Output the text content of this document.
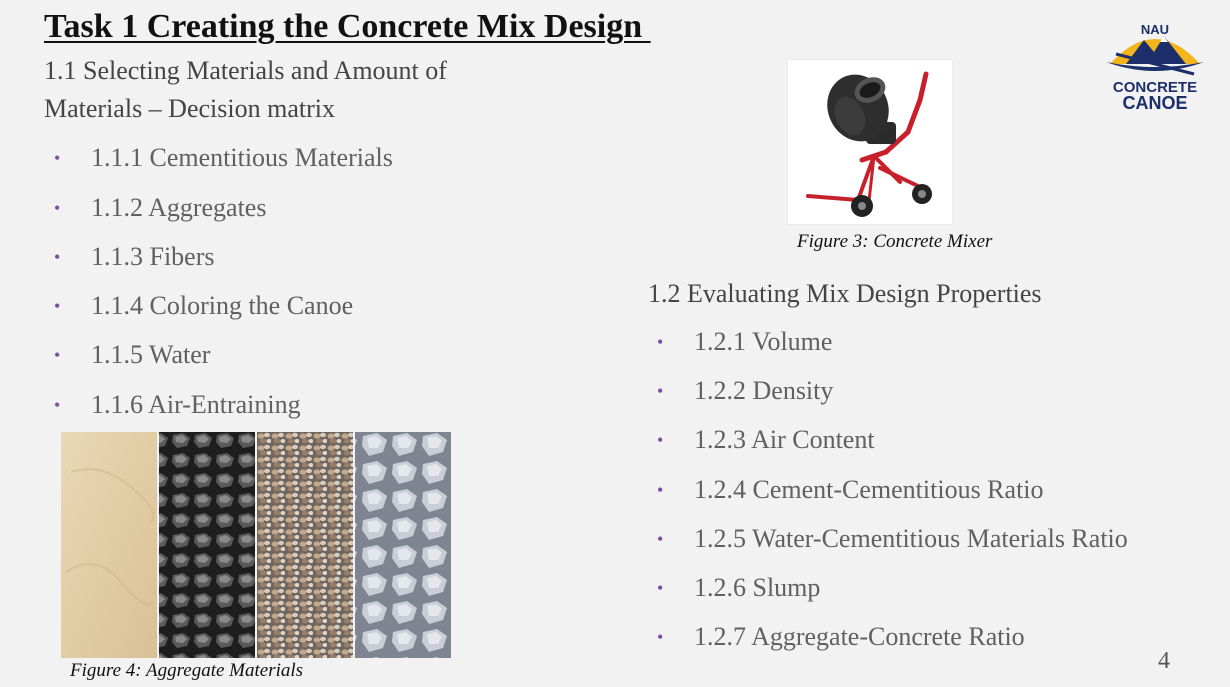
Task 1 Creating the Concrete Mix Design
1.1 Selecting Materials and Amount of
Materials – Decision matrix
• 1.1.1 Cementitious Materials
• 1.1.2 Aggregates
• 1.1.3 Fibers
• 1.1.4 Coloring the Canoe
• 1.1.5 Water
• 1.1.6 Air-Entraining
1.2 Evaluating Mix Design Properties
• 1.2.1 Volume
• 1.2.2 Density
• 1.2.3 Air Content
• 1.2.4 Cement-Cementitious Ratio
• 1.2.5 Water-Cementitious Materials Ratio
• 1.2.6 Slump
• 1.2.7 Aggregate-Concrete Ratio
Figure 3: Concrete Mixer
Figure 4: Aggregate Materials
NAU
CONCRETE
CANOE
4
